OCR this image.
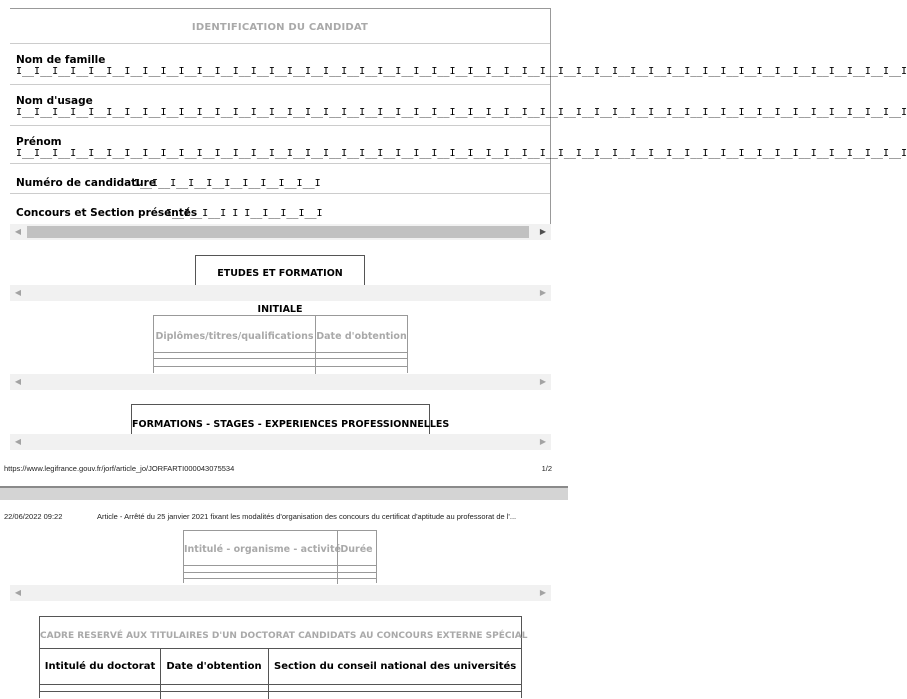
IDENTIFICATION DU CANDIDAT
Nom de famille
I__I__I__I__I__I__I__I__I__I__I__I__I__I__I__I__I__I__I__I__I__I__I__I__I__I__I__I__I__I__I__I__I__I__I__I__I__I__I__I__I__I__I__I__I__I__I__I__I__I
Nom d'usage
I__I__I__I__I__I__I__I__I__I__I__I__I__I__I__I__I__I__I__I__I__I__I__I__I__I__I__I__I__I__I__I__I__I__I__I__I__I__I__I__I__I__I__I__I__I__I__I__I__I
Prénom
I__I__I__I__I__I__I__I__I__I__I__I__I__I__I__I__I__I__I__I__I__I__I__I__I__I__I__I__I__I__I__I__I__I__I__I__I__I__I__I__I__I__I__I__I__I__I__I__I__I
Numéro de candidature
I__I__I__I__I__I__I__I__I__I__I
Concours et Section présentés
I__I__I__I I I__I__I__I__I
◀	▶
ETUDES ET FORMATION INITIALE
◀	▶
Diplômes/titres/qualifications Date d'obtention
◀	▶
FORMATIONS - STAGES - EXPERIENCES PROFESSIONNELLES
◀	▶
https://www.legifrance.gouv.fr/jorf/article_jo/JORFARTI000043075534	1/2
22/06/2022 09:22	Article - Arrêté du 25 janvier 2021 fixant les modalités d'organisation des concours du certificat d'aptitude au professorat de l'...
Intitulé - organisme - activité Durée
◀	▶
CADRE RESERVÉ AUX TITULAIRES D'UN DOCTORAT CANDIDATS AU CONCOURS EXTERNE SPÉCIAL
Intitulé du doctorat	Date d'obtention	Section du conseil national des universités
